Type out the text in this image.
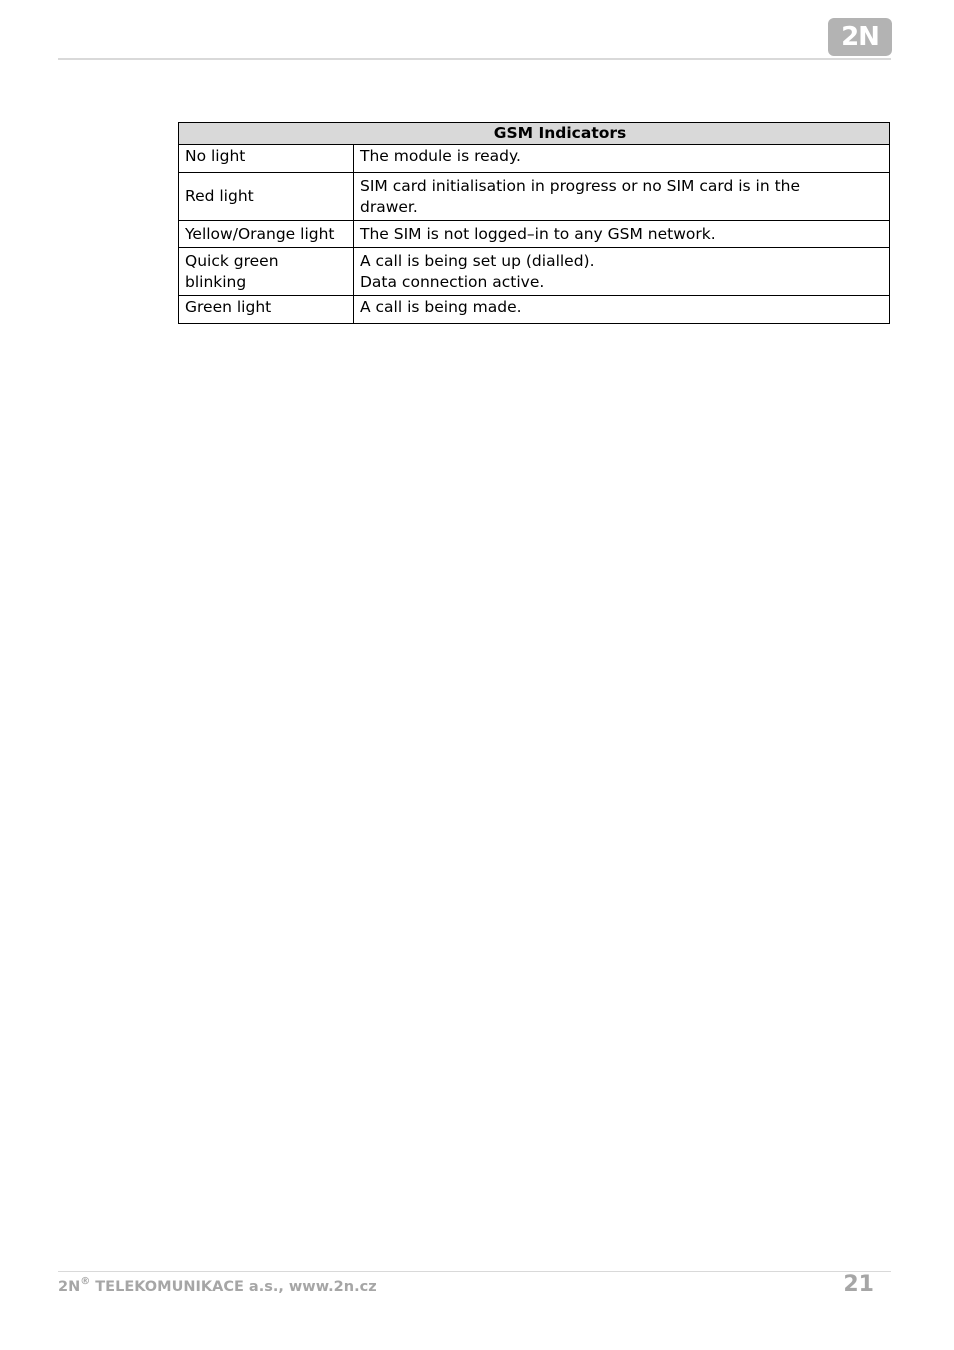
2N
GSM Indicators	
No light	The module is ready.

Red light	SIM card initialisation in progress or no SIM card is in the
drawer.

Yellow/Orange light	The SIM is not logged–in to any GSM network.

Quick green
blinking	A call is being set up (dialled).
Data connection active.

Green light	A call is being made.
2N® TELEKOMUNIKACE a.s., www.2n.cz	21
